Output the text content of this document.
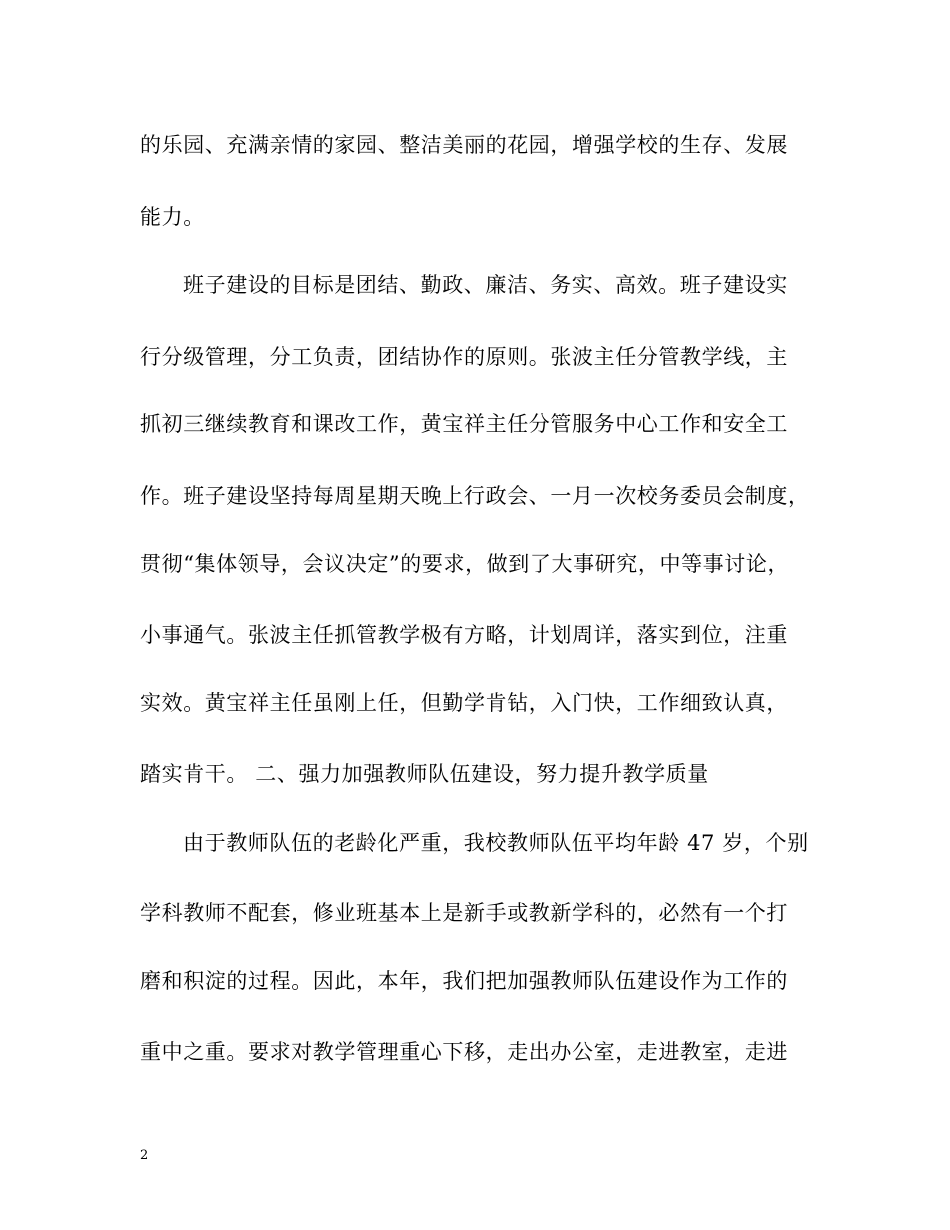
的乐园、充满亲情的家园、整洁美丽的花园，增强学校的生存、发展
能力。
班子建设的目标是团结、勤政、廉洁、务实、高效。班子建设实
行分级管理，分工负责，团结协作的原则。张波主任分管教学线，主
抓初三继续教育和课改工作，黄宝祥主任分管服务中心工作和安全工
作。班子建设坚持每周星期天晚上行政会、一月一次校务委员会制度，
贯彻“集体领导，会议决定”的要求，做到了大事研究，中等事讨论，
小事通气。张波主任抓管教学极有方略，计划周详，落实到位，注重
实效。黄宝祥主任虽刚上任，但勤学肯钻，入门快，工作细致认真，
踏实肯干。 二、强力加强教师队伍建设，努力提升教学质量
由于教师队伍的老龄化严重，我校教师队伍平均年龄 47 岁，个别
学科教师不配套，修业班基本上是新手或教新学科的，必然有一个打
磨和积淀的过程。因此，本年，我们把加强教师队伍建设作为工作的
重中之重。要求对教学管理重心下移，走出办公室，走进教室，走进
2
